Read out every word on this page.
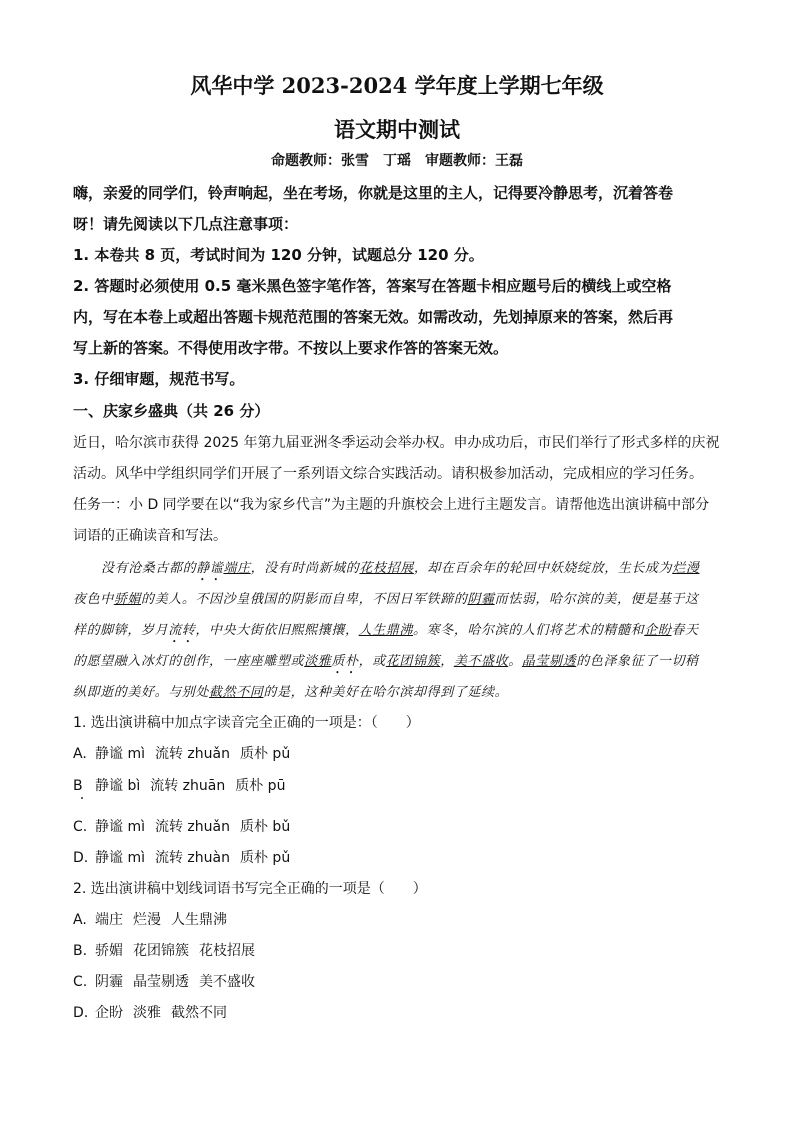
风华中学 2023-2024 学年度上学期七年级
语文期中测试
命题教师：张雪　丁瑶　审题教师：王磊
嗨，亲爱的同学们，铃声响起，坐在考场，你就是这里的主人，记得要冷静思考，沉着答卷
呀！请先阅读以下几点注意事项：
1. 本卷共 8 页，考试时间为 120 分钟，试题总分 120 分。
2. 答题时必须使用 0.5 毫米黑色签字笔作答，答案写在答题卡相应题号后的横线上或空格
内，写在本卷上或超出答题卡规范范围的答案无效。如需改动，先划掉原来的答案，然后再
写上新的答案。不得使用改字带。不按以上要求作答的答案无效。
3. 仔细审题，规范书写。
一、庆家乡盛典（共 26 分）
近日，哈尔滨市获得 2025 年第九届亚洲冬季运动会举办权。申办成功后，市民们举行了形式多样的庆祝
活动。风华中学组织同学们开展了一系列语文综合实践活动。请积极参加活动，完成相应的学习任务。
任务一：小 D 同学要在以“我为家乡代言”为主题的升旗校会上进行主题发言。请帮他选出演讲稿中部分
词语的正确读音和写法。
没有沧桑古都的静谧端庄，没有时尚新城的花枝招展，却在百余年的轮回中妖娆绽放，生长成为烂漫
夜色中骄媚的美人。不因沙皇俄国的阴影而自卑，不因日军铁蹄的阴霾而怯弱，哈尔滨的美，便是基于这
样的脚锛，岁月流转，中央大街依旧熙熙攘攘，人生鼎沸。寒冬，哈尔滨的人们将艺术的精髓和企盼春天
的愿望融入冰灯的创作，一座座雕塑或淡雅质朴，或花团锦簇，美不盛收。晶莹剔透的色泽象征了一切稍
纵即逝的美好。与别处截然不同的是，这种美好在哈尔滨却得到了延续。
1. 选出演讲稿中加点字读音完全正确的一项是：（　　）
A. 静谧 mì 流转 zhuǎn 质朴 pǔ
B 静谧 bì 流转 zhuān 质朴 pū
C. 静谧 mì 流转 zhuǎn 质朴 bǔ
D. 静谧 mì 流转 zhuàn 质朴 pǔ
2. 选出演讲稿中划线词语书写完全正确的一项是（　　）
A. 端庄 烂漫 人生鼎沸
B. 骄媚 花团锦簇 花枝招展
C. 阴霾 晶莹剔透 美不盛收
D. 企盼 淡雅 截然不同
